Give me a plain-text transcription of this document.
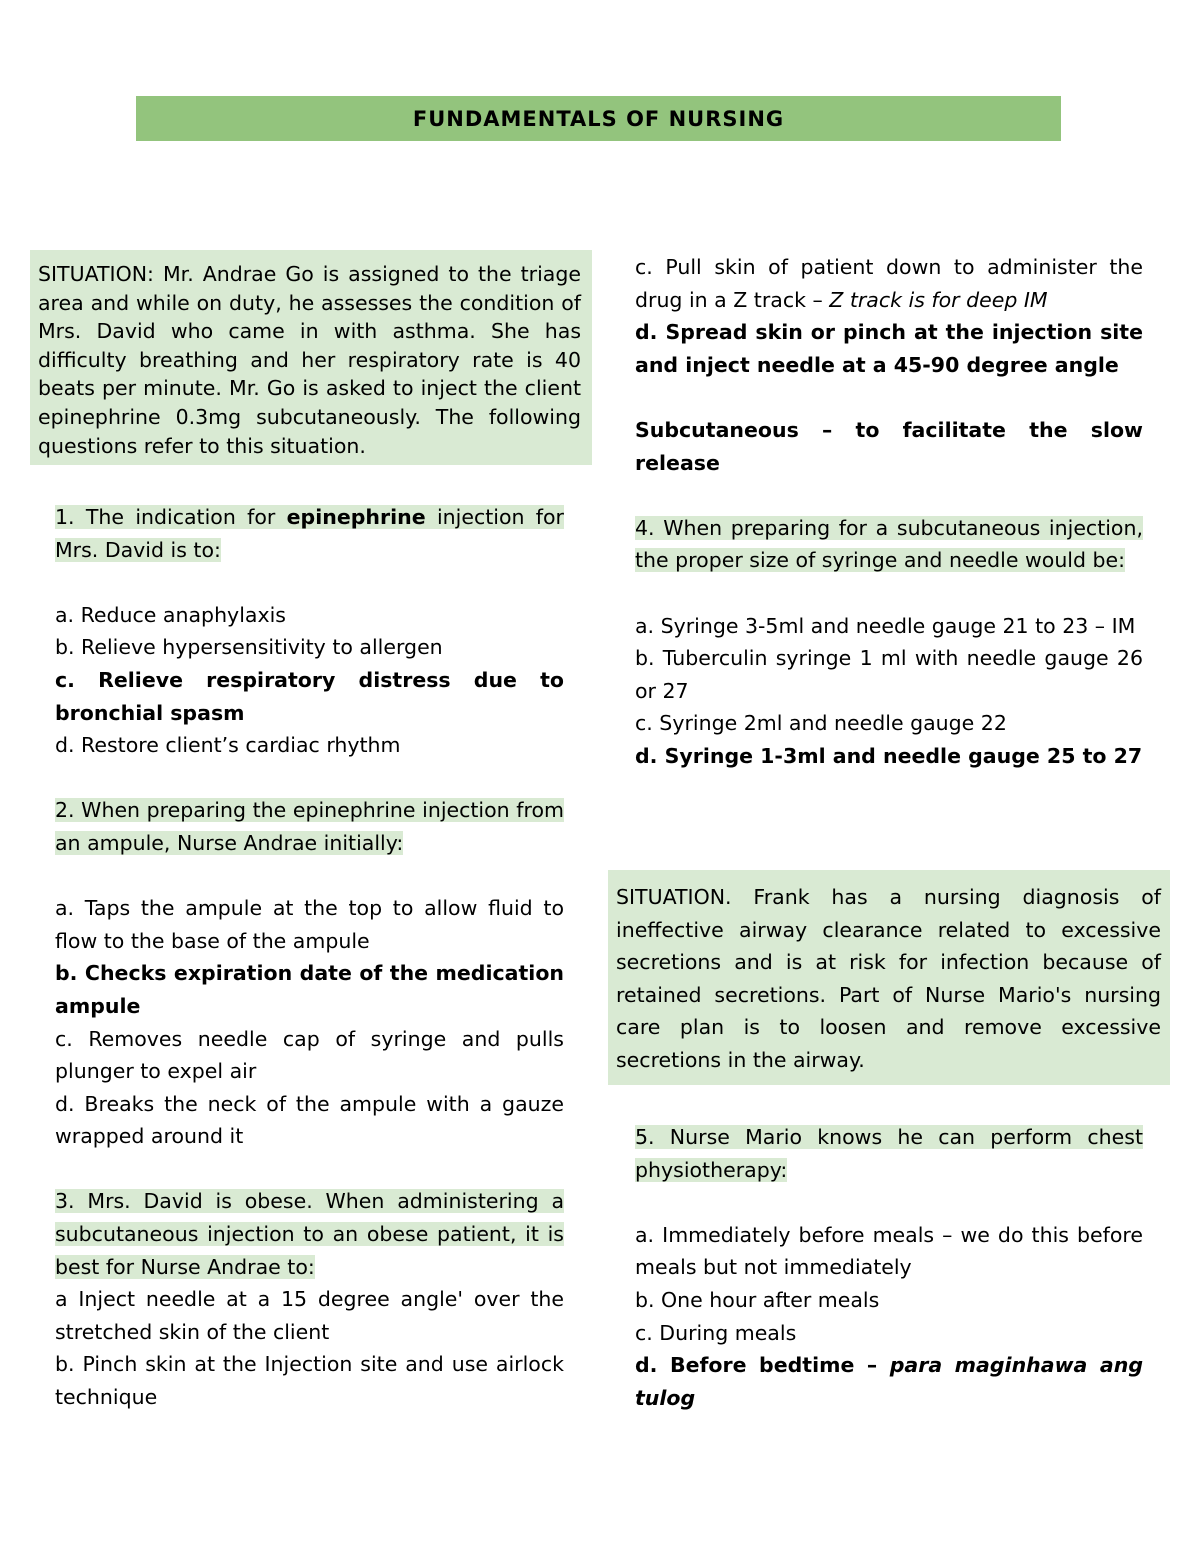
FUNDAMENTALS OF NURSING

SITUATION: Mr. Andrae Go is assigned to the triage area and while on duty, he assesses the condition of Mrs. David who came in with asthma. She has difficulty breathing and her respiratory rate is 40 beats per minute. Mr. Go is asked to inject the client epinephrine 0.3mg subcutaneously. The following questions refer to this situation.

1. The indication for epinephrine injection for Mrs. David is to:

a. Reduce anaphylaxis

b. Relieve hypersensitivity to allergen

c. Relieve respiratory distress due to bronchial spasm

d. Restore client’s cardiac rhythm

2. When preparing the epinephrine injection from an ampule, Nurse Andrae initially:

a. Taps the ampule at the top to allow fluid to flow to the base of the ampule

b. Checks expiration date of the medication ampule

c. Removes needle cap of syringe and pulls plunger to expel air

d. Breaks the neck of the ampule with a gauze wrapped around it

3. Mrs. David is obese. When administering a subcutaneous injection to an obese patient, it is best for Nurse Andrae to:

a Inject needle at a 15 degree angle' over the stretched skin of the client

b. Pinch skin at the Injection site and use airlock technique

c. Pull skin of patient down to administer the drug in a Z track – Z track is for deep IM

d. Spread skin or pinch at the injection site and inject needle at a 45-90 degree angle

Subcutaneous – to facilitate the slow release

4. When preparing for a subcutaneous injection, the proper size of syringe and needle would be:

a. Syringe 3-5ml and needle gauge 21 to 23 – IM

b. Tuberculin syringe 1 ml with needle gauge 26 or 27

c. Syringe 2ml and needle gauge 22

d. Syringe 1-3ml and needle gauge 25 to 27

SITUATION. Frank has a nursing diagnosis of ineffective airway clearance related to excessive secretions and is at risk for infection because of retained secretions. Part of Nurse Mario's nursing care plan is to loosen and remove excessive secretions in the airway.

5. Nurse Mario knows he can perform chest physiotherapy:

a. Immediately before meals – we do this before meals but not immediately

b. One hour after meals

c. During meals

d. Before bedtime – para maginhawa ang tulog
